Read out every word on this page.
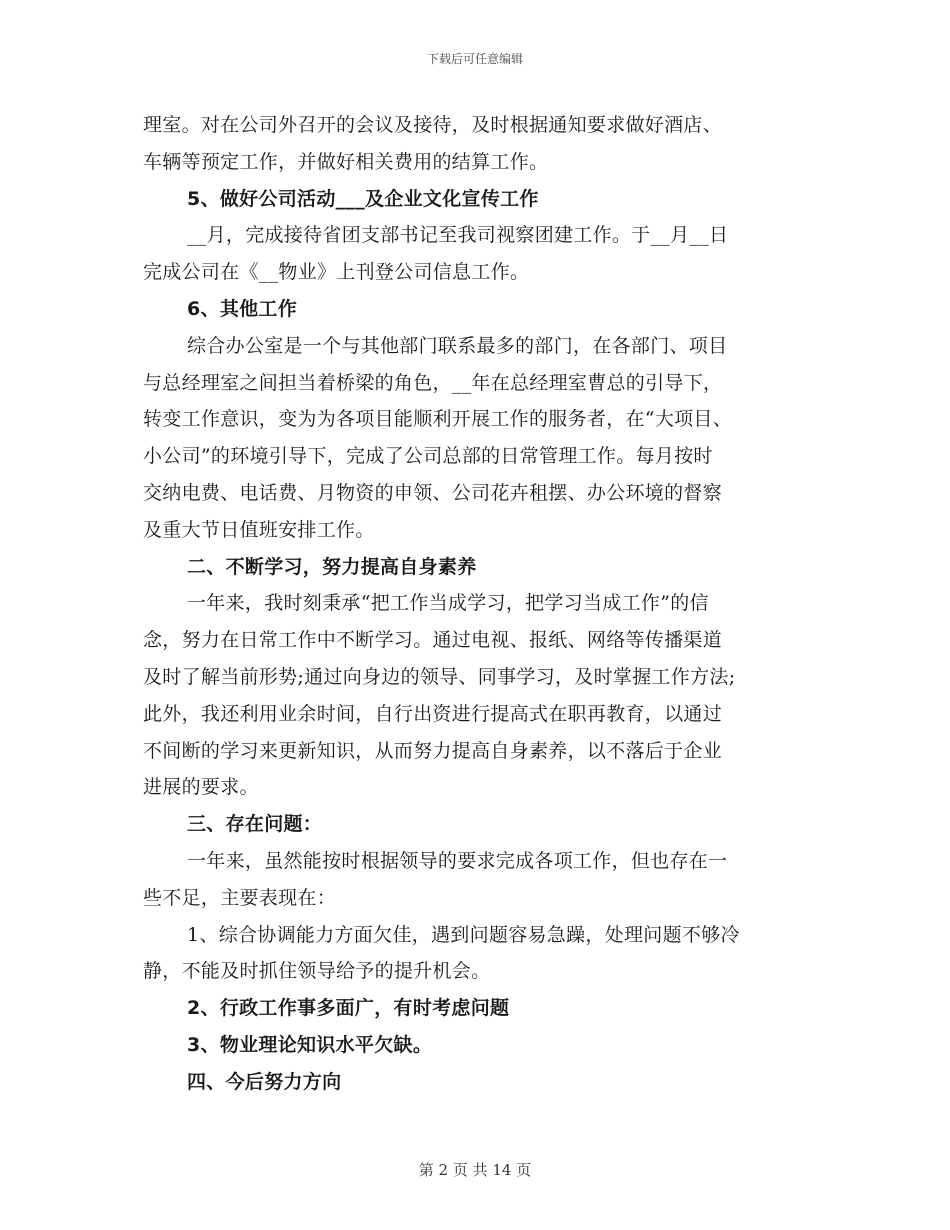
下载后可任意编辑
理室。对在公司外召开的会议及接待，及时根据通知要求做好酒店、
车辆等预定工作，并做好相关费用的结算工作。
5、做好公司活动___及企业文化宣传工作
__月，完成接待省团支部书记至我司视察团建工作。于__月__日
完成公司在《__物业》上刊登公司信息工作。
6、其他工作
综合办公室是一个与其他部门联系最多的部门，在各部门、项目
与总经理室之间担当着桥梁的角色，__年在总经理室曹总的引导下，
转变工作意识，变为为各项目能顺利开展工作的服务者，在“大项目、
小公司”的环境引导下，完成了公司总部的日常管理工作。每月按时
交纳电费、电话费、月物资的申领、公司花卉租摆、办公环境的督察
及重大节日值班安排工作。
二、不断学习，努力提高自身素养
一年来，我时刻秉承“把工作当成学习，把学习当成工作”的信
念，努力在日常工作中不断学习。通过电视、报纸、网络等传播渠道
及时了解当前形势;通过向身边的领导、同事学习，及时掌握工作方法;
此外，我还利用业余时间，自行出资进行提高式在职再教育，以通过
不间断的学习来更新知识，从而努力提高自身素养，以不落后于企业
进展的要求。
三、存在问题：
一年来，虽然能按时根据领导的要求完成各项工作，但也存在一
些不足，主要表现在：
1、综合协调能力方面欠佳，遇到问题容易急躁，处理问题不够冷
静，不能及时抓住领导给予的提升机会。
2、行政工作事多面广，有时考虑问题
3、物业理论知识水平欠缺。
四、今后努力方向
第 2 页 共 14 页
